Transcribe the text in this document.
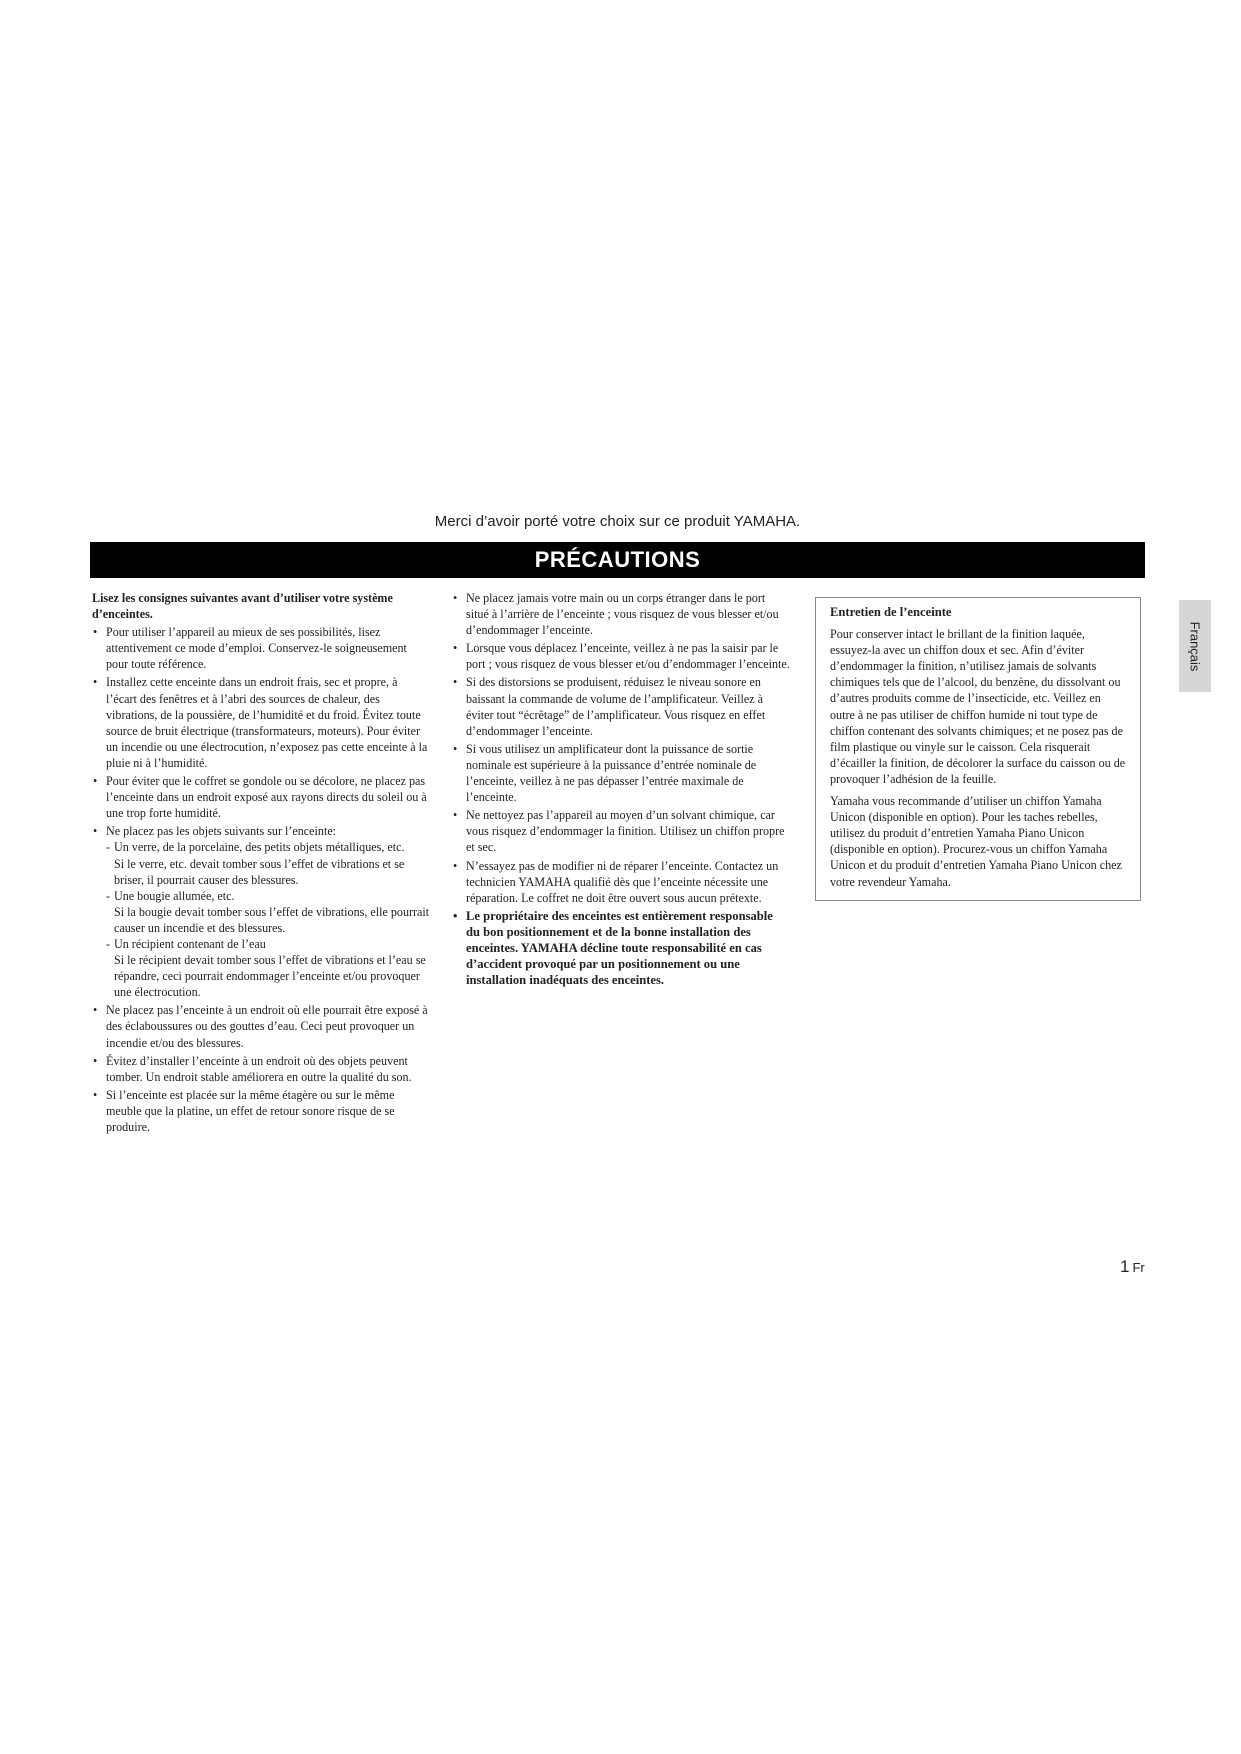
Merci d’avoir porté votre choix sur ce produit YAMAHA.
PRÉCAUTIONS

Lisez les consignes suivantes avant d’utiliser votre système d’enceintes.

• Pour utiliser l’appareil au mieux de ses possibilités, lisez attentivement ce mode d’emploi. Conservez-le soigneusement pour toute référence.
• Installez cette enceinte dans un endroit frais, sec et propre, à l’écart des fenêtres et à l’abri des sources de chaleur, des vibrations, de la poussière, de l’humidité et du froid. Évitez toute source de bruit électrique (transformateurs, moteurs). Pour éviter un incendie ou une électrocution, n’exposez pas cette enceinte à la pluie ni à l’humidité.
• Pour éviter que le coffret se gondole ou se décolore, ne placez pas l’enceinte dans un endroit exposé aux rayons directs du soleil ou à une trop forte humidité.
• Ne placez pas les objets suivants sur l’enceinte:
- Un verre, de la porcelaine, des petits objets métalliques, etc.
Si le verre, etc. devait tomber sous l’effet de vibrations et se briser, il pourrait causer des blessures.
- Une bougie allumée, etc.
Si la bougie devait tomber sous l’effet de vibrations, elle pourrait causer un incendie et des blessures.
- Un récipient contenant de l’eau
Si le récipient devait tomber sous l’effet de vibrations et l’eau se répandre, ceci pourrait endommager l’enceinte et/ou provoquer une électrocution.
• Ne placez pas l’enceinte à un endroit où elle pourrait être exposé à des éclaboussures ou des gouttes d’eau. Ceci peut provoquer un incendie et/ou des blessures.
• Évitez d’installer l’enceinte à un endroit où des objets peuvent tomber. Un endroit stable améliorera en outre la qualité du son.
• Si l’enceinte est placée sur la même étagère ou sur le même meuble que la platine, un effet de retour sonore risque de se produire.
• Ne placez jamais votre main ou un corps étranger dans le port situé à l’arrière de l’enceinte ; vous risquez de vous blesser et/ou d’endommager l’enceinte.
• Lorsque vous déplacez l’enceinte, veillez à ne pas la saisir par le port ; vous risquez de vous blesser et/ou d’endommager l’enceinte.
• Si des distorsions se produisent, réduisez le niveau sonore en baissant la commande de volume de l’amplificateur. Veillez à éviter tout “écrêtage” de l’amplificateur. Vous risquez en effet d’endommager l’enceinte.
• Si vous utilisez un amplificateur dont la puissance de sortie nominale est supérieure à la puissance d’entrée nominale de l’enceinte, veillez à ne pas dépasser l’entrée maximale de l’enceinte.
• Ne nettoyez pas l’appareil au moyen d’un solvant chimique, car vous risquez d’endommager la finition. Utilisez un chiffon propre et sec.
• N’essayez pas de modifier ni de réparer l’enceinte. Contactez un technicien YAMAHA qualifié dès que l’enceinte nécessite une réparation. Le coffret ne doit être ouvert sous aucun prétexte.
• Le propriétaire des enceintes est entièrement responsable du bon positionnement et de la bonne installation des enceintes. YAMAHA décline toute responsabilité en cas d’accident provoqué par un positionnement ou une installation inadéquats des enceintes.
Entretien de l’enceinte

Pour conserver intact le brillant de la finition laquée, essuyez-la avec un chiffon doux et sec. Afin d’éviter d’endommager la finition, n’utilisez jamais de solvants chimiques tels que de l’alcool, du benzène, du dissolvant ou d’autres produits comme de l’insecticide, etc. Veillez en outre à ne pas utiliser de chiffon humide ni tout type de chiffon contenant des solvants chimiques; et ne posez pas de film plastique ou vinyle sur le caisson. Cela risquerait d’écailler la finition, de décolorer la surface du caisson ou de provoquer l’adhésion de la feuille.

Yamaha vous recommande d’utiliser un chiffon Yamaha Unicon (disponible en option). Pour les taches rebelles, utilisez du produit d’entretien Yamaha Piano Unicon (disponible en option). Procurez-vous un chiffon Yamaha Unicon et du produit d’entretien Yamaha Piano Unicon chez votre revendeur Yamaha.

Français
1 Fr
